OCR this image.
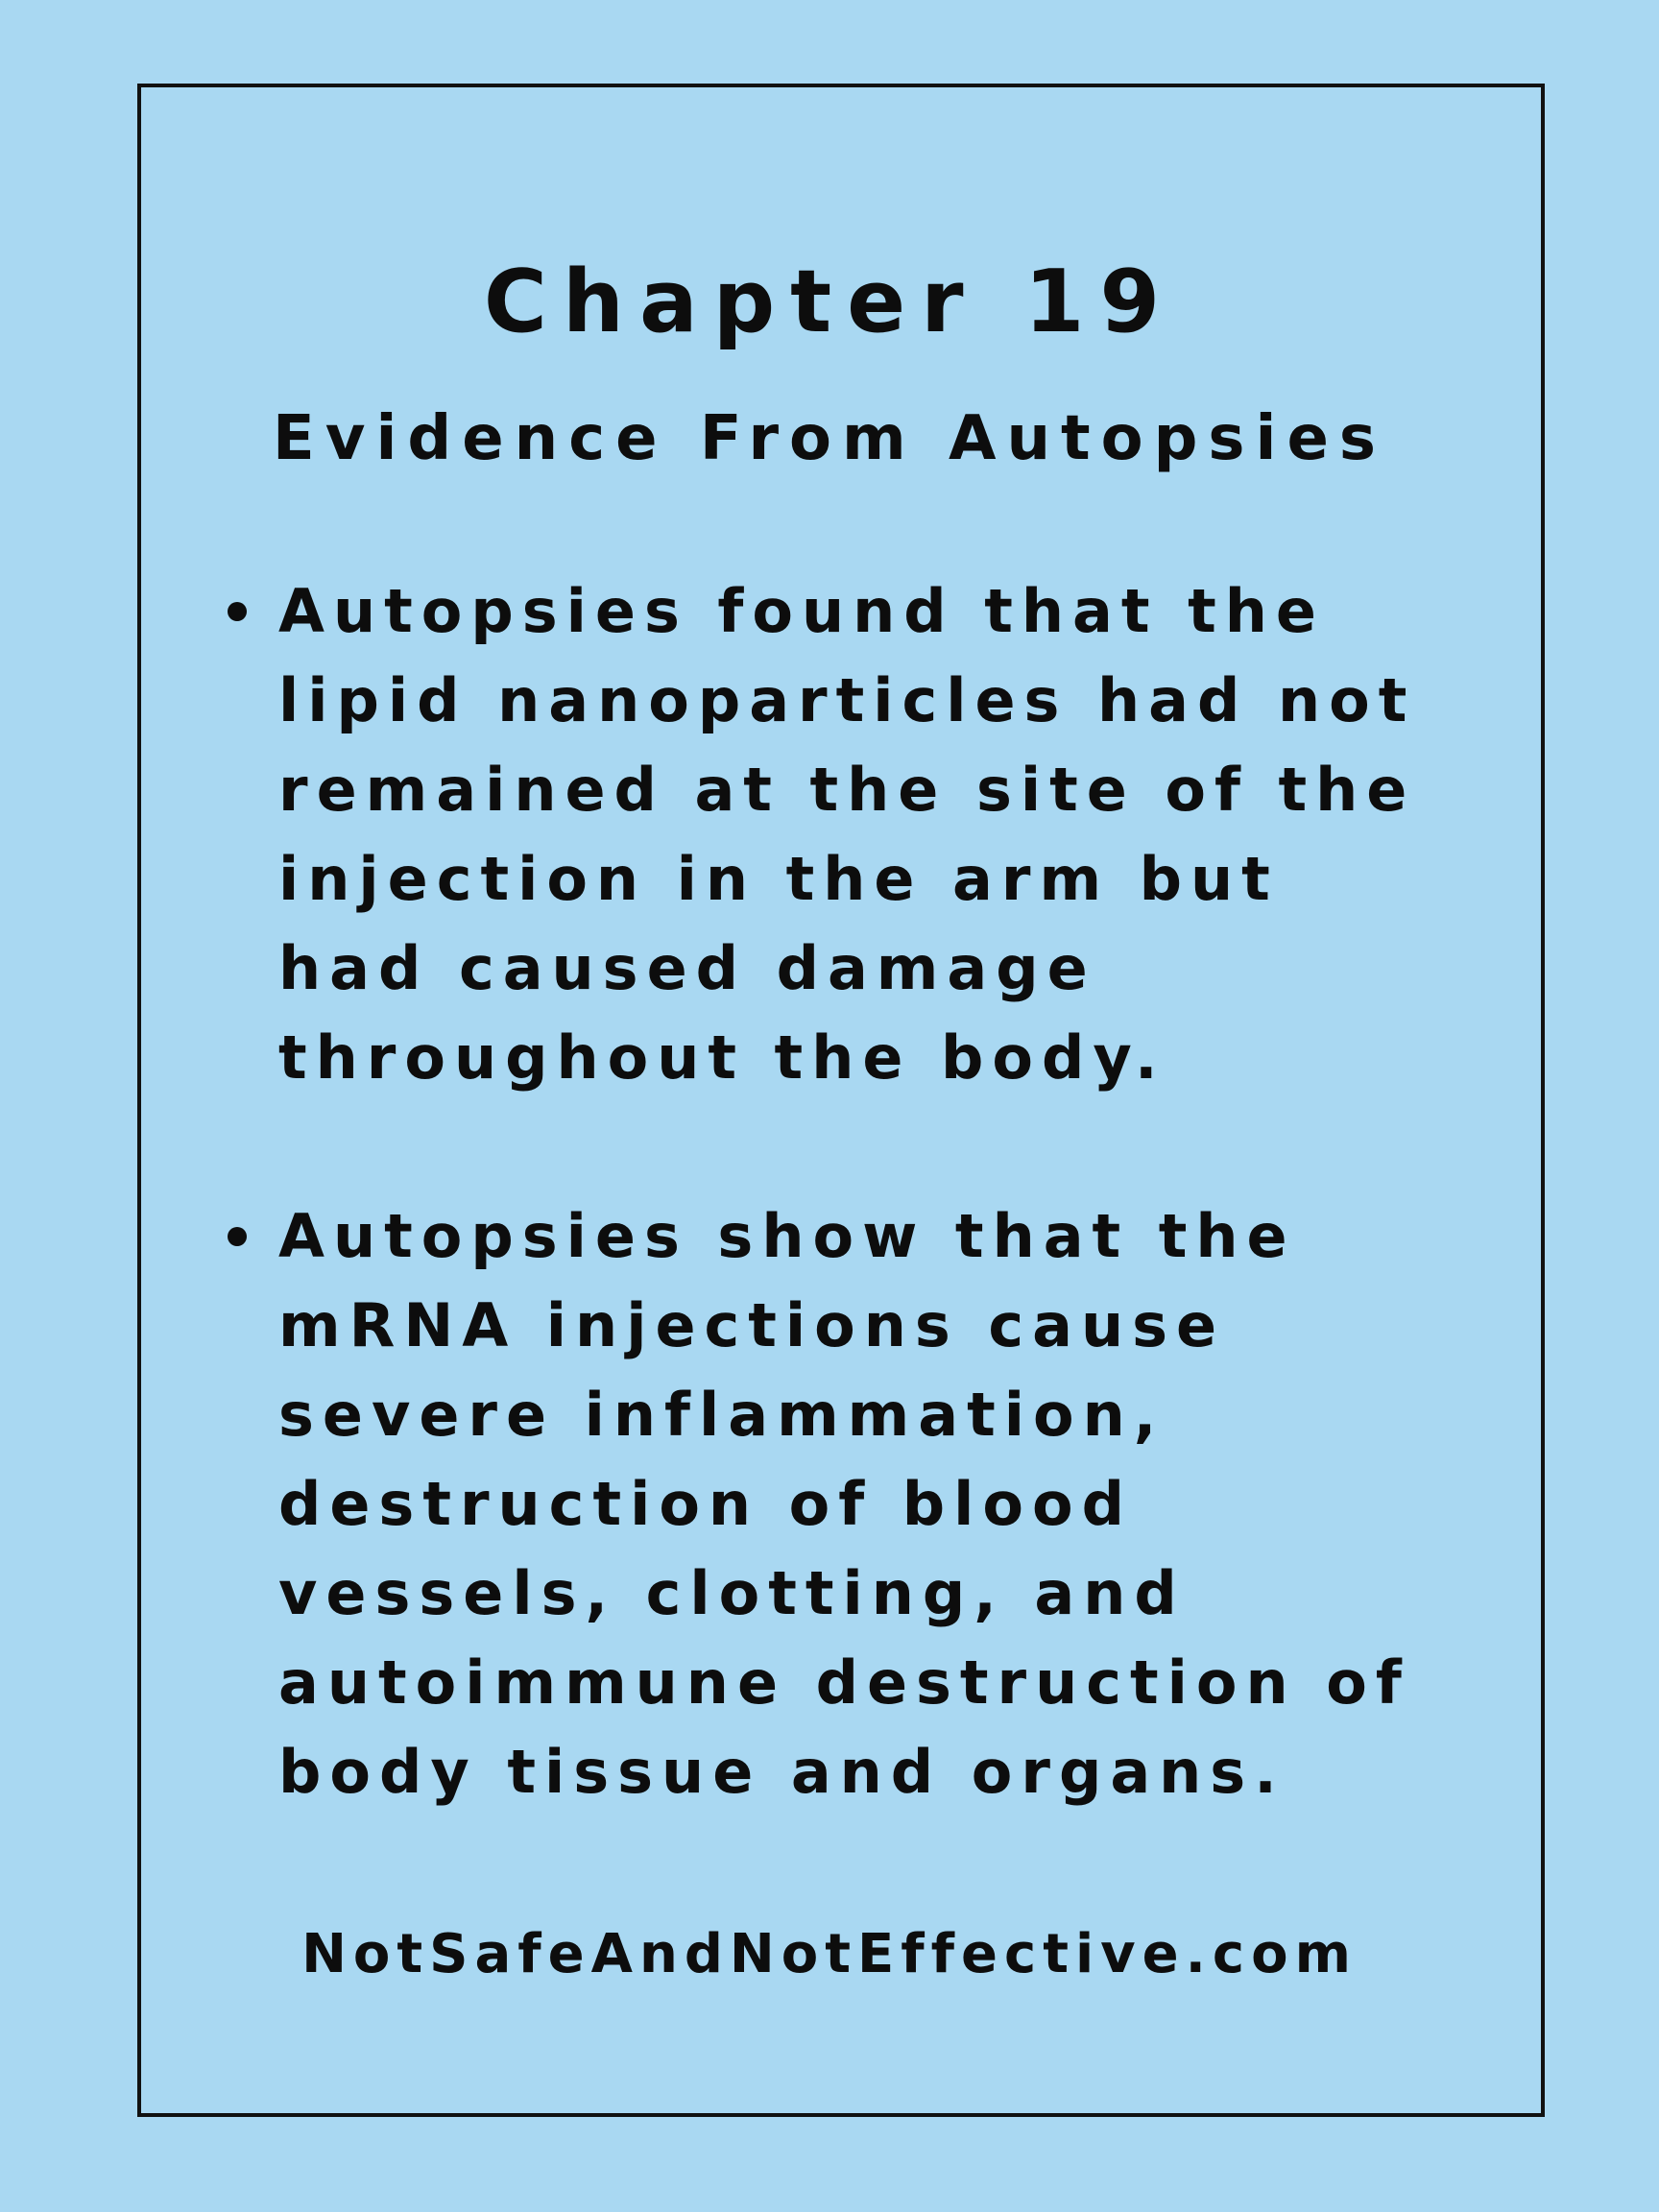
Chapter 19
Evidence From Autopsies
Autopsies found that the
lipid nanoparticles had not
remained at the site of the
injection in the arm but
had caused damage
throughout the body.
Autopsies show that the
mRNA injections cause
severe inflammation,
destruction of blood
vessels, clotting, and
autoimmune destruction of
body tissue and organs.
NotSafeAndNotEffective.com
